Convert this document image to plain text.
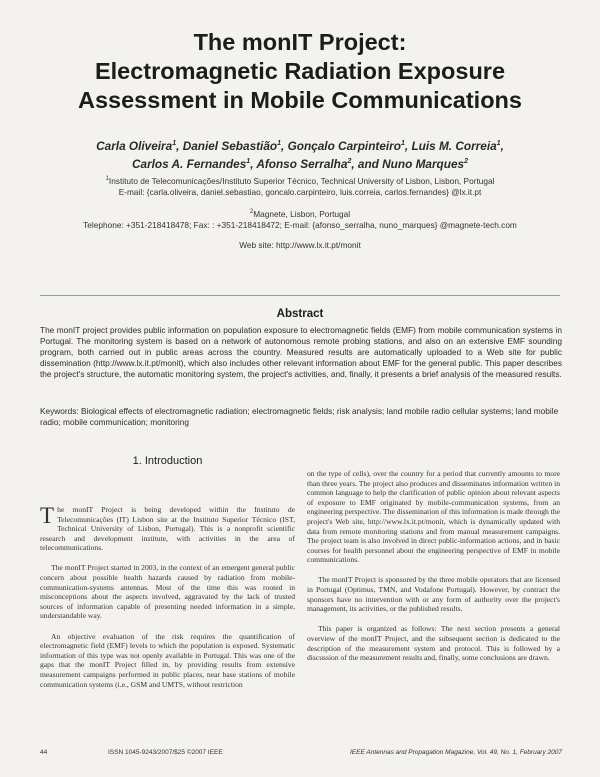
The monIT Project:
Electromagnetic Radiation Exposure
Assessment in Mobile Communications
Carla Oliveira$^1$, Daniel Sebastião$^1$, Gonçalo Carpinteiro$^1$, Luis M. Correia$^1$,
Carlos A. Fernandes$^1$, Afonso Serralha$^2$, and Nuno Marques$^2$
$^1$Instituto de Telecomunicações/Instituto Superior Técnico, Technical University of Lisbon, Lisbon, Portugal
E-mail: {carla.oliveira, daniel.sebastiao, goncalo.carpinteiro, luis.correia, carlos.fernandes} @lx.it.pt
$^2$Magnete, Lisbon, Portugal
Telephone: +351-218418478; Fax: : +351-218418472; E-mail: {afonso_serralha, nuno_marques} @magnete-tech.com
Web site: http://www.lx.it.pt/monit
Abstract
The monIT project provides public information on population exposure to electromagnetic fields (EMF) from mobile communication systems in Portugal. The monitoring system is based on a network of autonomous remote probing stations, and also on an extensive EMF sounding program, both carried out in public areas across the country. Measured results are automatically uploaded to a Web site for public dissemination (http://www.lx.it.pt/monit), which also includes other relevant information about EMF for the general public. This paper describes the project's structure, the automatic monitoring system, the project's activities, and, finally, it presents a brief analysis of the measured results.
Keywords: Biological effects of electromagnetic radiation; electromagnetic fields; risk analysis; land mobile radio cellular systems; land mobile radio; mobile communication; monitoring
1. Introduction

The monIT Project is being developed within the Instituto de Telecomunicações (IT) Lisbon site at the Instituto Superior Técnico (IST, Technical University of Lisbon, Portugal). This is a nonprofit scientific research and development institute, with activities in the area of telecommunications.

The monIT Project started in 2003, in the context of an emergent general public concern about possible health hazards caused by radiation from mobile-communication-systems antennas. Most of the time this was rooted in misconceptions about the aspects involved, aggravated by the lack of trusted sources of information capable of presenting needed information in a simple, understandable way.

An objective evaluation of the risk requires the quantification of electromagnetic field (EMF) levels to which the population is exposed. Systematic information of this type was not openly available in Portugal. This was one of the gaps that the monIT Project filled in, by providing results from extensive measurement campaigns performed in public places, near base stations of mobile communication systems (i.e., GSM and UMTS, without restriction

on the type of cells), over the country for a period that currently amounts to more than three years. The project also produces and disseminates information written in common language to help the clarification of public opinion about relevant aspects of exposure to EMF originated by mobile-communication systems, from an engineering perspective. The dissemination of this information is made through the project's Web site, http://www.lx.it.pt/monit, which is dynamically updated with data from remote monitoring stations and from manual measurement campaigns. The project team is also involved in direct public-information actions, and in basic courses for health personnel about the engineering perspective of EMF in mobile communications.

The monIT Project is sponsored by the three mobile operators that are licensed in Portugal (Optimus, TMN, and Vodafone Portugal). However, by contract the sponsors have no intervention with or any form of authority over the project's management, its activities, or the published results.

This paper is organized as follows: The next section presents a general overview of the monIT Project, and the subsequent section is dedicated to the description of the measurement system and protocol. This is followed by a discussion of the measurement results and, finally, some conclusions are drawn.

44	ISSN 1045-9243/2007/$25 ©2007 IEEE	IEEE Antennas and Propagation Magazine, Vol. 49, No. 1, February 2007
